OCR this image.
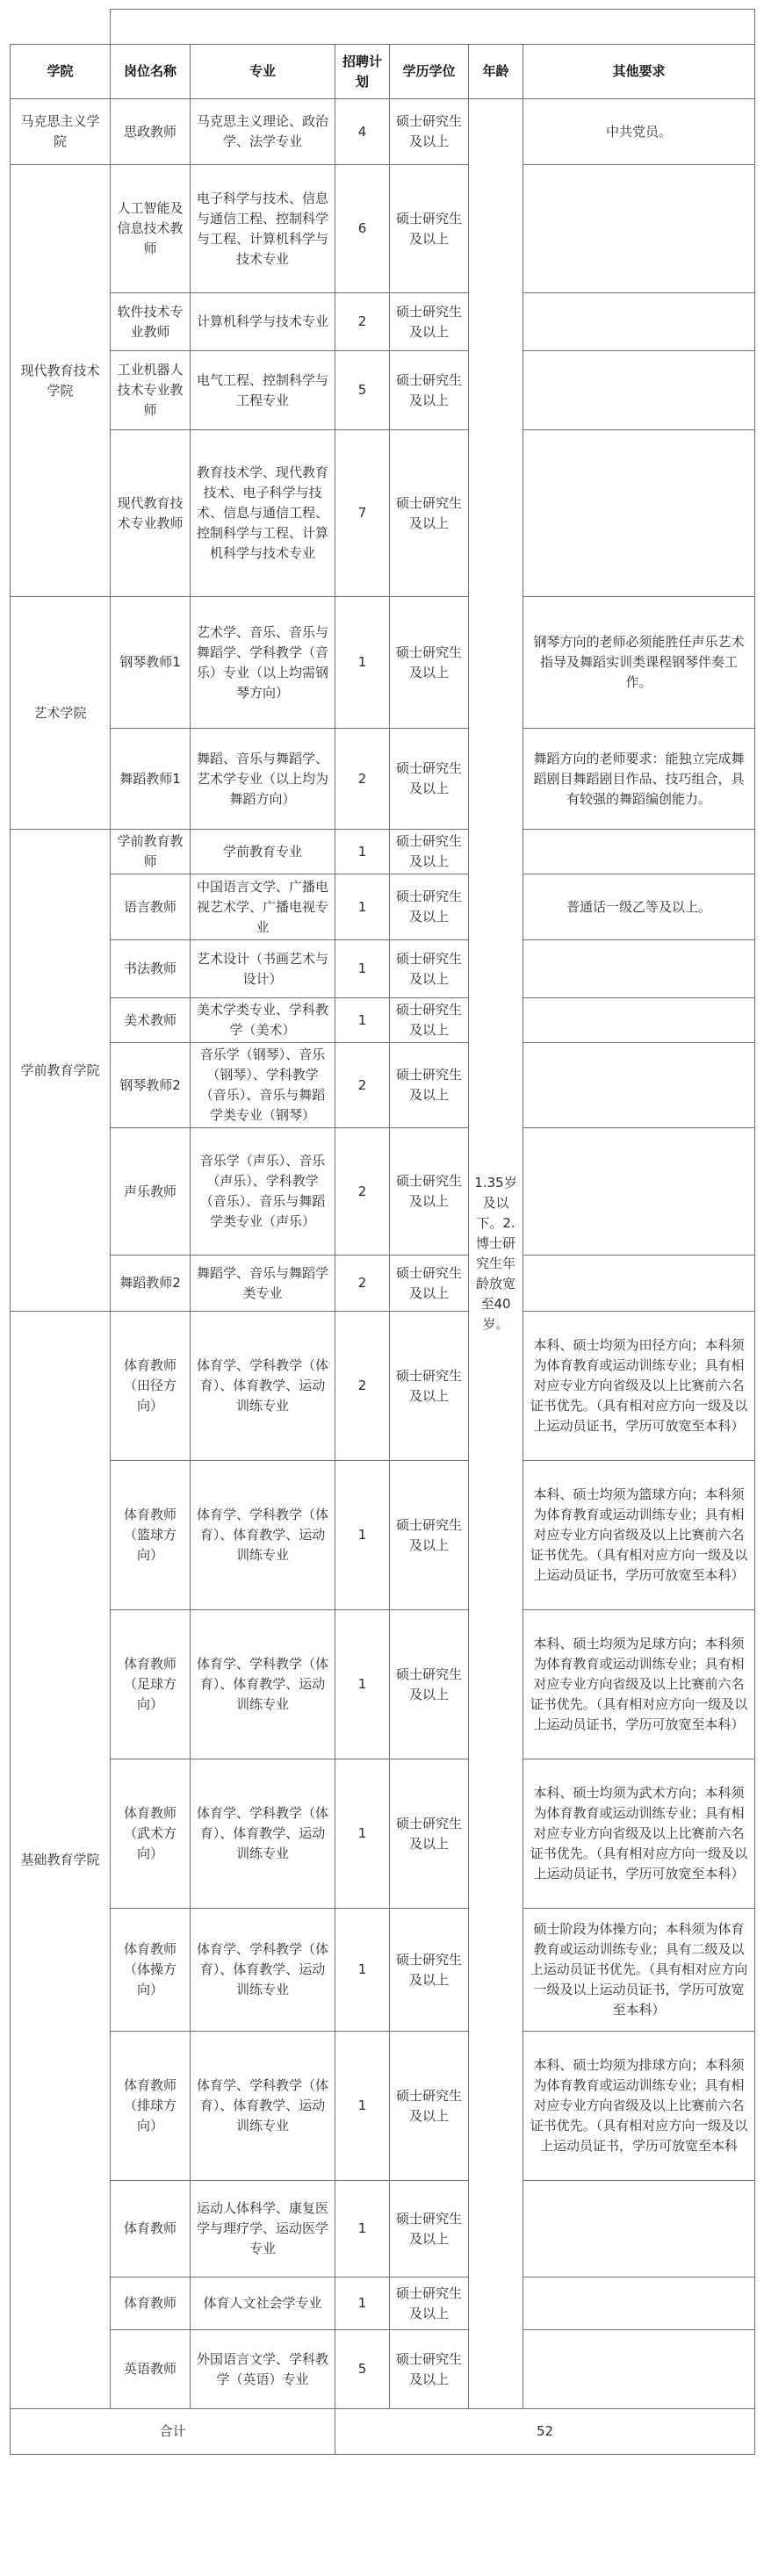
学院	岗位名称	专业	招聘计划	学历学位	年龄	其他要求
马克思主义学院	思政教师	马克思主义理论、政治学、法学专业	4	硕士研究生及以上	1.35岁及以下。2.博士研究生年龄放宽至40岁。	中共党员。
现代教育技术学院	人工智能及信息技术教师	电子科学与技术、信息与通信工程、控制科学与工程、计算机科学与技术专业	6	硕士研究生及以上		
	软件技术专业教师	计算机科学与技术专业	2	硕士研究生及以上		
	工业机器人技术专业教师	电气工程、控制科学与工程专业	5	硕士研究生及以上		
	现代教育技术专业教师	教育技术学、现代教育技术、电子科学与技术、信息与通信工程、控制科学与工程、计算机科学与技术专业	7	硕士研究生及以上		
艺术学院	钢琴教师1	艺术学、音乐、音乐与舞蹈学、学科教学（音乐）专业（以上均需钢琴方向）	1	硕士研究生及以上		钢琴方向的老师必须能胜任声乐艺术指导及舞蹈实训类课程钢琴伴奏工作。
	舞蹈教师1	舞蹈、音乐与舞蹈学、艺术学专业（以上均为舞蹈方向）	2	硕士研究生及以上		舞蹈方向的老师要求：能独立完成舞蹈剧目舞蹈剧目作品、技巧组合，具有较强的舞蹈编创能力。
学前教育学院	学前教育教师	学前教育专业	1	硕士研究生及以上		
	语言教师	中国语言文学、广播电视艺术学、广播电视专业	1	硕士研究生及以上		普通话一级乙等及以上。
	书法教师	艺术设计（书画艺术与设计）	1	硕士研究生及以上		
	美术教师	美术学类专业、学科教学（美术）	1	硕士研究生及以上		
	钢琴教师2	音乐学（钢琴）、音乐（钢琴）、学科教学（音乐）、音乐与舞蹈学类专业（钢琴）	2	硕士研究生及以上		
	声乐教师	音乐学（声乐）、音乐（声乐）、学科教学（音乐）、音乐与舞蹈学类专业（声乐）	2	硕士研究生及以上		
	舞蹈教师2	舞蹈学、音乐与舞蹈学类专业	2	硕士研究生及以上		
基础教育学院	体育教师（田径方向）	体育学、学科教学（体育）、体育教学、运动训练专业	2	硕士研究生及以上		本科、硕士均须为田径方向；本科须为体育教育或运动训练专业；具有相对应专业方向省级及以上比赛前六名证书优先。（具有相对应方向一级及以上运动员证书，学历可放宽至本科）
	体育教师（篮球方向）	体育学、学科教学（体育）、体育教学、运动训练专业	1	硕士研究生及以上		本科、硕士均须为篮球方向；本科须为体育教育或运动训练专业；具有相对应专业方向省级及以上比赛前六名证书优先。（具有相对应方向一级及以上运动员证书，学历可放宽至本科）
	体育教师（足球方向）	体育学、学科教学（体育）、体育教学、运动训练专业	1	硕士研究生及以上		本科、硕士均须为足球方向；本科须为体育教育或运动训练专业；具有相对应专业方向省级及以上比赛前六名证书优先。（具有相对应方向一级及以上运动员证书，学历可放宽至本科）
	体育教师（武术方向）	体育学、学科教学（体育）、体育教学、运动训练专业	1	硕士研究生及以上		本科、硕士均须为武术方向；本科须为体育教育或运动训练专业；具有相对应专业方向省级及以上比赛前六名证书优先。（具有相对应方向一级及以上运动员证书，学历可放宽至本科）
	体育教师（体操方向）	体育学、学科教学（体育）、体育教学、运动训练专业	1	硕士研究生及以上		硕士阶段为体操方向；本科须为体育教育或运动训练专业；具有二级及以上运动员证书优先。（具有相对应方向一级及以上运动员证书，学历可放宽至本科）
	体育教师（排球方向）	体育学、学科教学（体育）、体育教学、运动训练专业	1	硕士研究生及以上		本科、硕士均须为排球方向；本科须为体育教育或运动训练专业；具有相对应专业方向省级及以上比赛前六名证书优先。（具有相对应方向一级及以上运动员证书，学历可放宽至本科
	体育教师	运动人体科学、康复医学与理疗学、运动医学专业	1	硕士研究生及以上		
	体育教师	体育人文社会学专业	1	硕士研究生及以上		
	英语教师	外国语言文学、学科教学（英语）专业	5	硕士研究生及以上		
合计			52			
